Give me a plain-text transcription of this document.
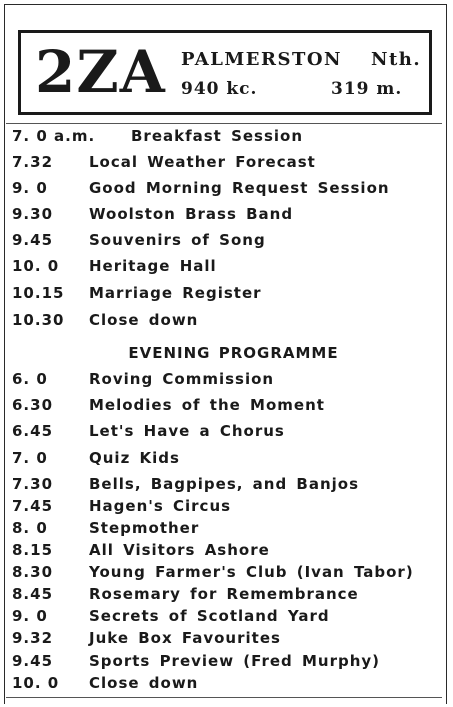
2ZA PALMERSTON Nth.
940 kc.	319 m.
7. 0 a.m. Breakfast Session
7.32 Local Weather Forecast
9. 0	Good Morning Request Session
9.30 Woolston Brass Band
9.45 Souvenirs of Song
10. 0 Heritage Hall
10.15 Marriage Register
10.30 Close down
EVENING PROGRAMME
6. 0	Roving Commission
6.30 Melodies of the Moment
6.45 Let's Have a Chorus
7. 0	Quiz Kids
7.30 Bells, Bagpipes, and Banjos
7.45 Hagen's Circus
8. 0	Stepmother
8.15 All Visitors Ashore
8.30 Young Farmer's Club (Ivan Tabor)
8.45 Rosemary for Remembrance
9. 0	Secrets of Scotland Yard
9.32 Juke Box Favourites
9.45 Sports Preview (Fred Murphy)
10. 0 Close down
